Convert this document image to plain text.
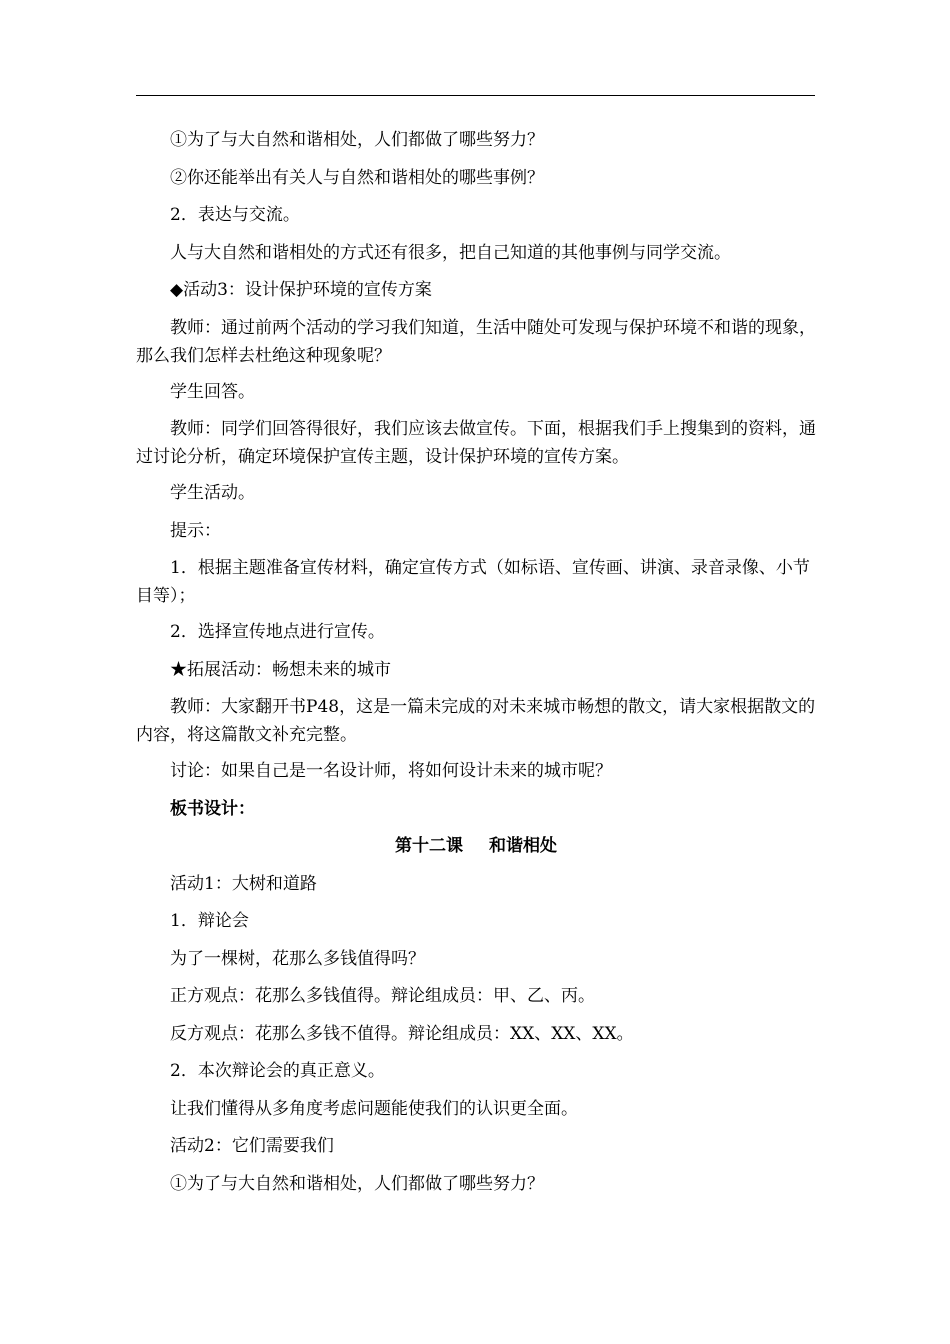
①为了与大自然和谐相处，人们都做了哪些努力？

②你还能举出有关人与自然和谐相处的哪些事例？

2．表达与交流。

人与大自然和谐相处的方式还有很多，把自己知道的其他事例与同学交流。

◆活动3：设计保护环境的宣传方案

教师：通过前两个活动的学习我们知道，生活中随处可发现与保护环境不和谐的现象，那么我们怎样去杜绝这种现象呢？

学生回答。

教师：同学们回答得很好，我们应该去做宣传。下面，根据我们手上搜集到的资料，通过讨论分析，确定环境保护宣传主题，设计保护环境的宣传方案。

学生活动。

提示：

1．根据主题准备宣传材料，确定宣传方式（如标语、宣传画、讲演、录音录像、小节目等）；

2．选择宣传地点进行宣传。

★拓展活动：畅想未来的城市

教师：大家翻开书P48，这是一篇未完成的对未来城市畅想的散文，请大家根据散文的内容，将这篇散文补充完整。

讨论：如果自己是一名设计师，将如何设计未来的城市呢？

板书设计：

第十二课 和谐相处

活动1：大树和道路

1．辩论会

为了一棵树，花那么多钱值得吗？

正方观点：花那么多钱值得。辩论组成员：甲、乙、丙。

反方观点：花那么多钱不值得。辩论组成员：XX、XX、XX。

2．本次辩论会的真正意义。

让我们懂得从多角度考虑问题能使我们的认识更全面。

活动2：它们需要我们

①为了与大自然和谐相处，人们都做了哪些努力？
